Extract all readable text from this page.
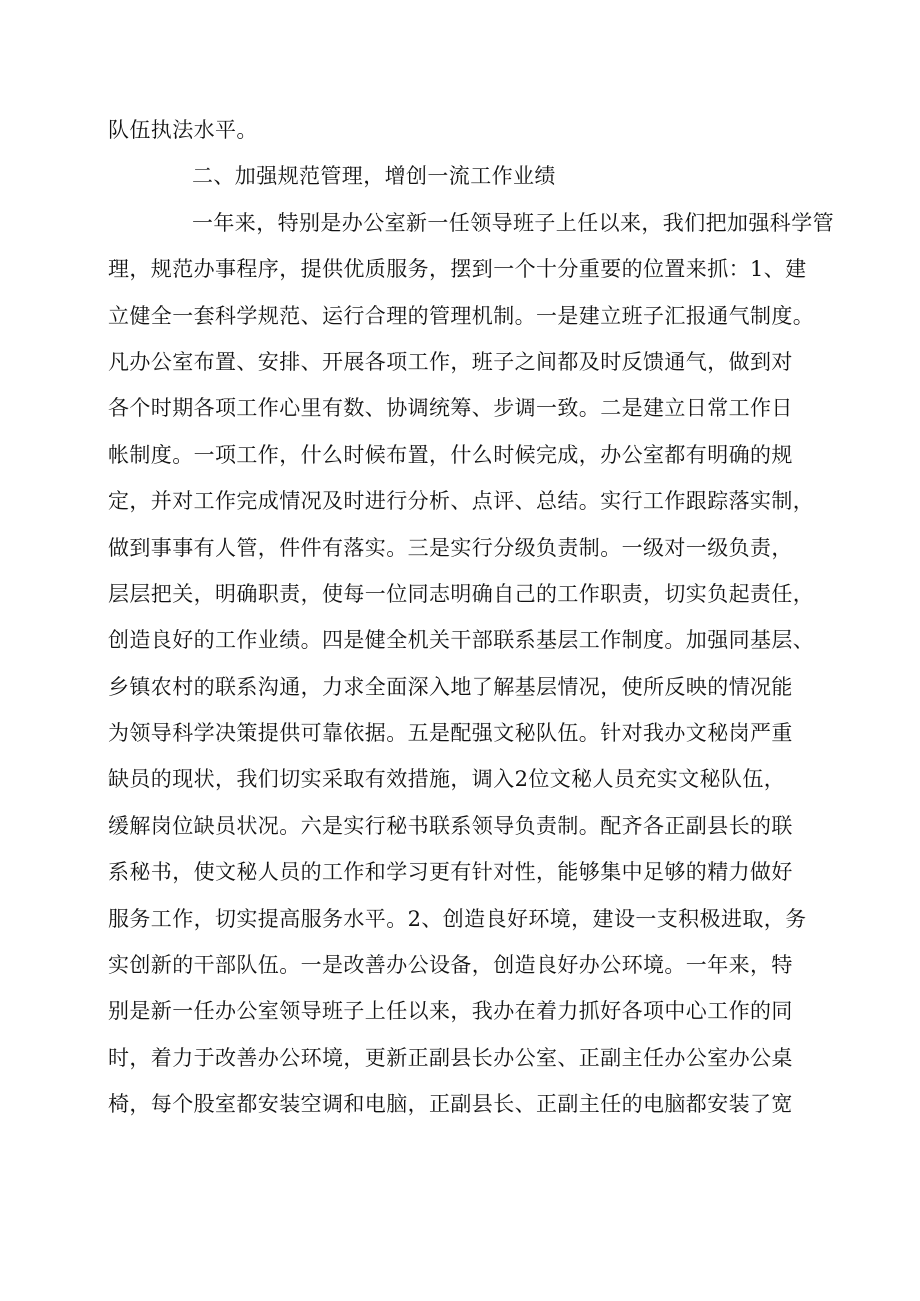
队伍执法水平。
二、加强规范管理，增创一流工作业绩
一年来，特别是办公室新一任领导班子上任以来，我们把加强科学管
理，规范办事程序，提供优质服务，摆到一个十分重要的位置来抓：1、建
立健全一套科学规范、运行合理的管理机制。一是建立班子汇报通气制度。
凡办公室布置、安排、开展各项工作，班子之间都及时反馈通气，做到对
各个时期各项工作心里有数、协调统筹、步调一致。二是建立日常工作日
帐制度。一项工作，什么时候布置，什么时候完成，办公室都有明确的规
定，并对工作完成情况及时进行分析、点评、总结。实行工作跟踪落实制，
做到事事有人管，件件有落实。三是实行分级负责制。一级对一级负责，
层层把关，明确职责，使每一位同志明确自己的工作职责，切实负起责任，
创造良好的工作业绩。四是健全机关干部联系基层工作制度。加强同基层、
乡镇农村的联系沟通，力求全面深入地了解基层情况，使所反映的情况能
为领导科学决策提供可靠依据。五是配强文秘队伍。针对我办文秘岗严重
缺员的现状，我们切实采取有效措施，调入2位文秘人员充实文秘队伍，
缓解岗位缺员状况。六是实行秘书联系领导负责制。配齐各正副县长的联
系秘书，使文秘人员的工作和学习更有针对性，能够集中足够的精力做好
服务工作，切实提高服务水平。2、创造良好环境，建设一支积极进取，务
实创新的干部队伍。一是改善办公设备，创造良好办公环境。一年来，特
别是新一任办公室领导班子上任以来，我办在着力抓好各项中心工作的同
时，着力于改善办公环境，更新正副县长办公室、正副主任办公室办公桌
椅，每个股室都安装空调和电脑，正副县长、正副主任的电脑都安装了宽
